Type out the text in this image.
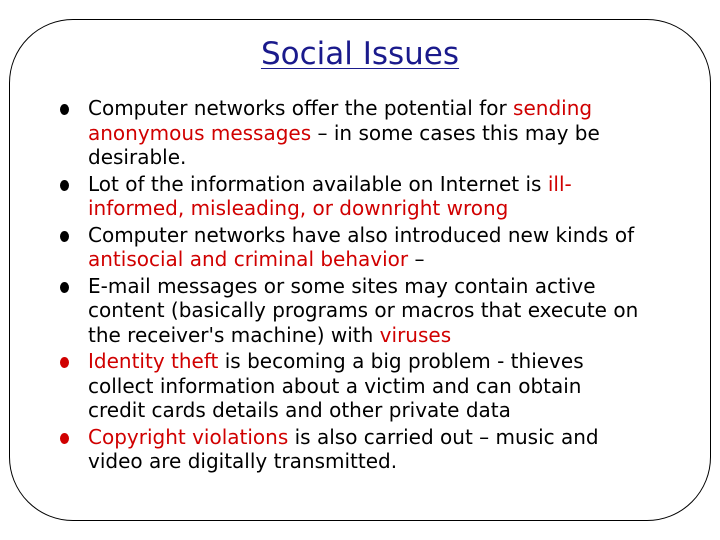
Social Issues
Computer networks offer the potential for sending anonymous messages – in some cases this may be desirable.
Lot of the information available on Internet is ill-informed, misleading, or downright wrong
Computer networks have also introduced new kinds of antisocial and criminal behavior –
E-mail messages or some sites may contain active content (basically programs or macros that execute on the receiver's machine) with viruses
Identity theft is becoming a big problem - thieves collect information about a victim and can obtain credit cards details and other private data
Copyright violations is also carried out – music and video are digitally transmitted.
